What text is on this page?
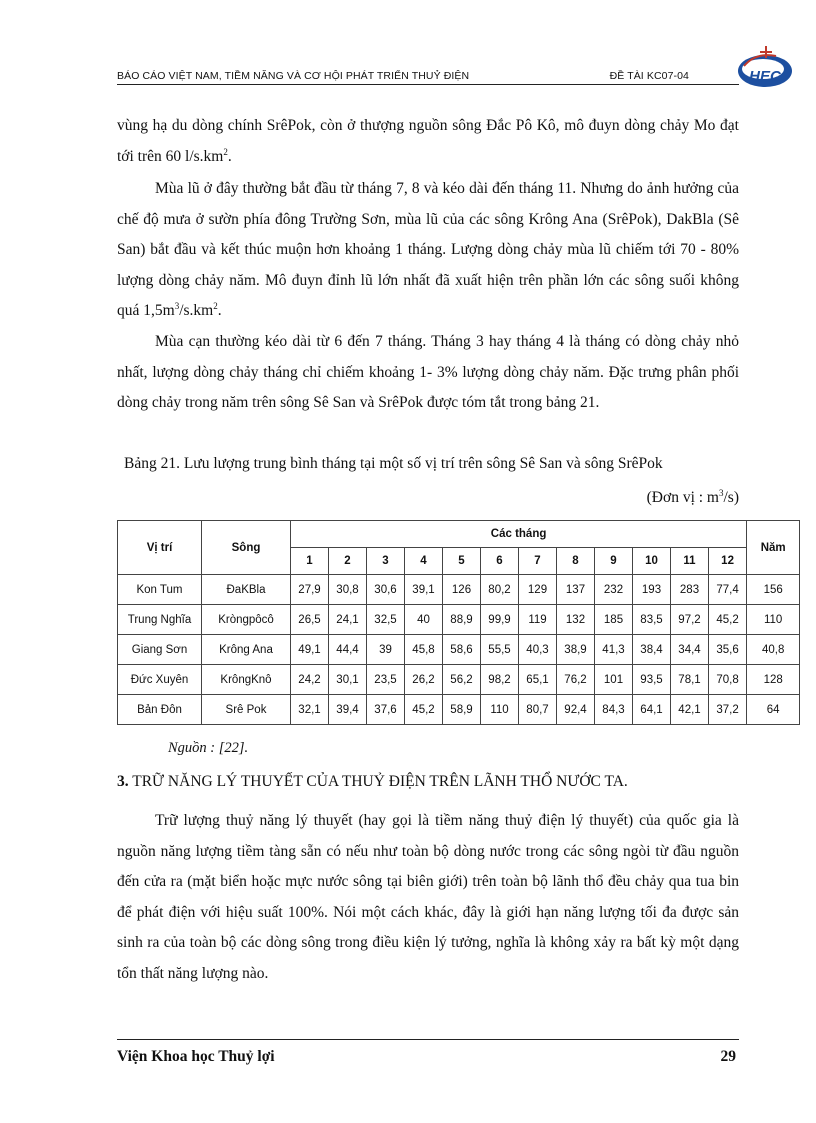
BÁO CÁO VIỆT NAM, TIỀM NĂNG VÀ CƠ HỘI PHÁT TRIỂN THUỶ ĐIỆN	ĐỀ TÀI KC07-04	HEC

vùng hạ du dòng chính SrêPok, còn ở thượng nguồn sông Đắc Pô Kô, mô đuyn dòng chảy Mo đạt tới trên 60 $l/s.km^2$.

Mùa lũ ở đây thường bắt đầu từ tháng 7, 8 và kéo dài đến tháng 11. Nhưng do ảnh hưởng của chế độ mưa ở sườn phía đông Trường Sơn, mùa lũ của các sông Krông Ana (SrêPok), DakBla (Sê San) bắt đầu và kết thúc muộn hơn khoảng 1 tháng. Lượng dòng chảy mùa lũ chiếm tới 70 - 80% lượng dòng chảy năm. Mô đuyn đỉnh lũ lớn nhất đã xuất hiện trên phần lớn các sông suối không quá $1,5m^3/s.km^2$.

Mùa cạn thường kéo dài từ 6 đến 7 tháng. Tháng 3 hay tháng 4 là tháng có dòng chảy nhỏ nhất, lượng dòng chảy tháng chỉ chiếm khoảng 1- 3% lượng dòng chảy năm. Đặc trưng phân phối dòng chảy trong năm trên sông Sê San và SrêPok được tóm tắt trong bảng 21.

Bảng 21. Lưu lượng trung bình tháng tại một số vị trí trên sông Sê San và sông SrêPok
(Đơn vị : $m^3/s$)
Vị trí	Sông	Các tháng												Năm
		1	2	3	4	5	6	7	8	9	10	11	12	
Kon Tum	ĐaKBla	27,9	30,8	30,6	39,1	126	80,2	129	137	232	193	283	77,4	156
Trung Nghĩa	Kròngpôcô	26,5	24,1	32,5	40	88,9	99,9	119	132	185	83,5	97,2	45,2	110
Giang Sơn	Krông Ana	49,1	44,4	39	45,8	58,6	55,5	40,3	38,9	41,3	38,4	34,4	35,6	40,8
Đức Xuyên	KrôngKnô	24,2	30,1	23,5	26,2	56,2	98,2	65,1	76,2	101	93,5	78,1	70,8	128
Bản Đôn	Srê Pok	32,1	39,4	37,6	45,2	58,9	110	80,7	92,4	84,3	64,1	42,1	37,2	64
Nguồn : [22].
3. TRỮ NĂNG LÝ THUYẾT CỦA THUỶ ĐIỆN TRÊN LÃNH THỔ NƯỚC TA.

Trữ lượng thuỷ năng lý thuyết (hay gọi là tiềm năng thuỷ điện lý thuyết) của quốc gia là nguồn năng lượng tiềm tàng sẵn có nếu như toàn bộ dòng nước trong các sông ngòi từ đầu nguồn đến cửa ra (mặt biển hoặc mực nước sông tại biên giới) trên toàn bộ lãnh thổ đều chảy qua tua bin để phát điện với hiệu suất 100%. Nói một cách khác, đây là giới hạn năng lượng tối đa được sản sinh ra của toàn bộ các dòng sông trong điều kiện lý tưởng, nghĩa là không xảy ra bất kỳ một dạng tổn thất năng lượng nào.

Viện Khoa học Thuỷ lợi	29
